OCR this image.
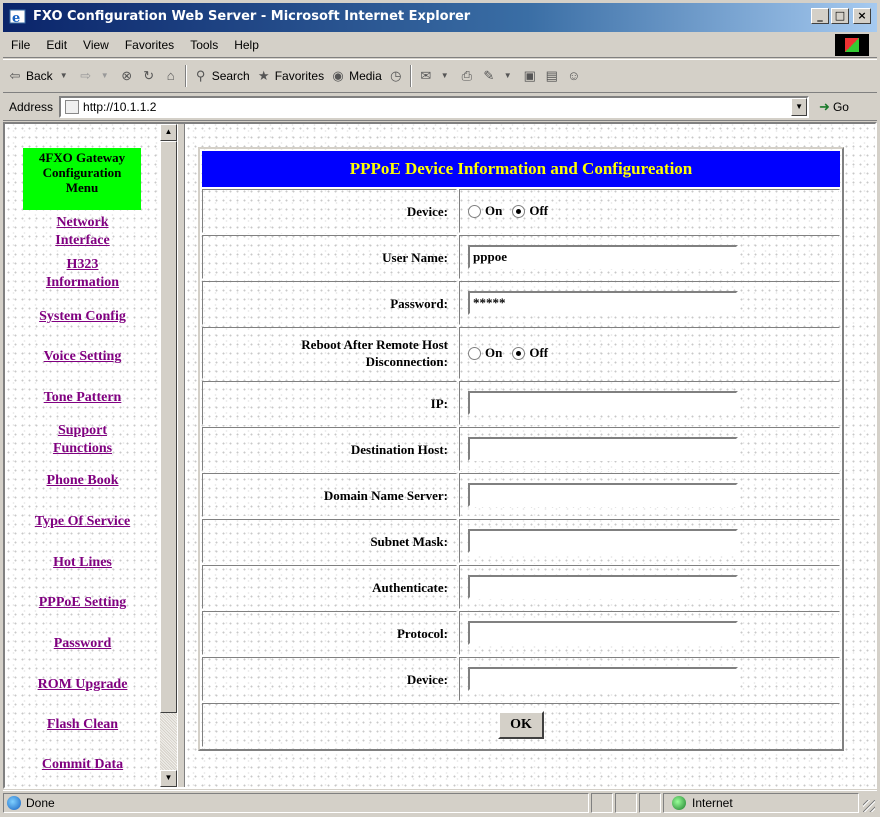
e FXO Configuration Web Server - Microsoft Internet Explorer	_	□	×
File Edit View Favorites Tools Help
⇦ Back ▼ ⇨	▼ ⊗ ↻ ⌂	⚲ Search ★ Favorites ◉ Media ◷ ✉	▼ ⎙ ✎	▼ ▣ ▤ ☺
Address	http://10.1.1.2	▼	➜ Go
4FXO Gateway
Configuration
Menu
Network
Interface
H323
Information
System Config
Voice Setting
Tone Pattern
Support
Functions
Phone Book
Type Of Service
Hot Lines
PPPoE Setting
Password
ROM Upgrade
Flash Clean
Commit Data
▲
▼
PPPoE Device Information and Configureation
Device:	On Off
User Name:	pppoe
Password:	*****
Reboot After Remote Host
Disconnection:
On Off
IP:
Destination Host:
Domain Name Server:
Subnet Mask:
Authenticate:
Protocol:
Device:
OK
Done	Internet
